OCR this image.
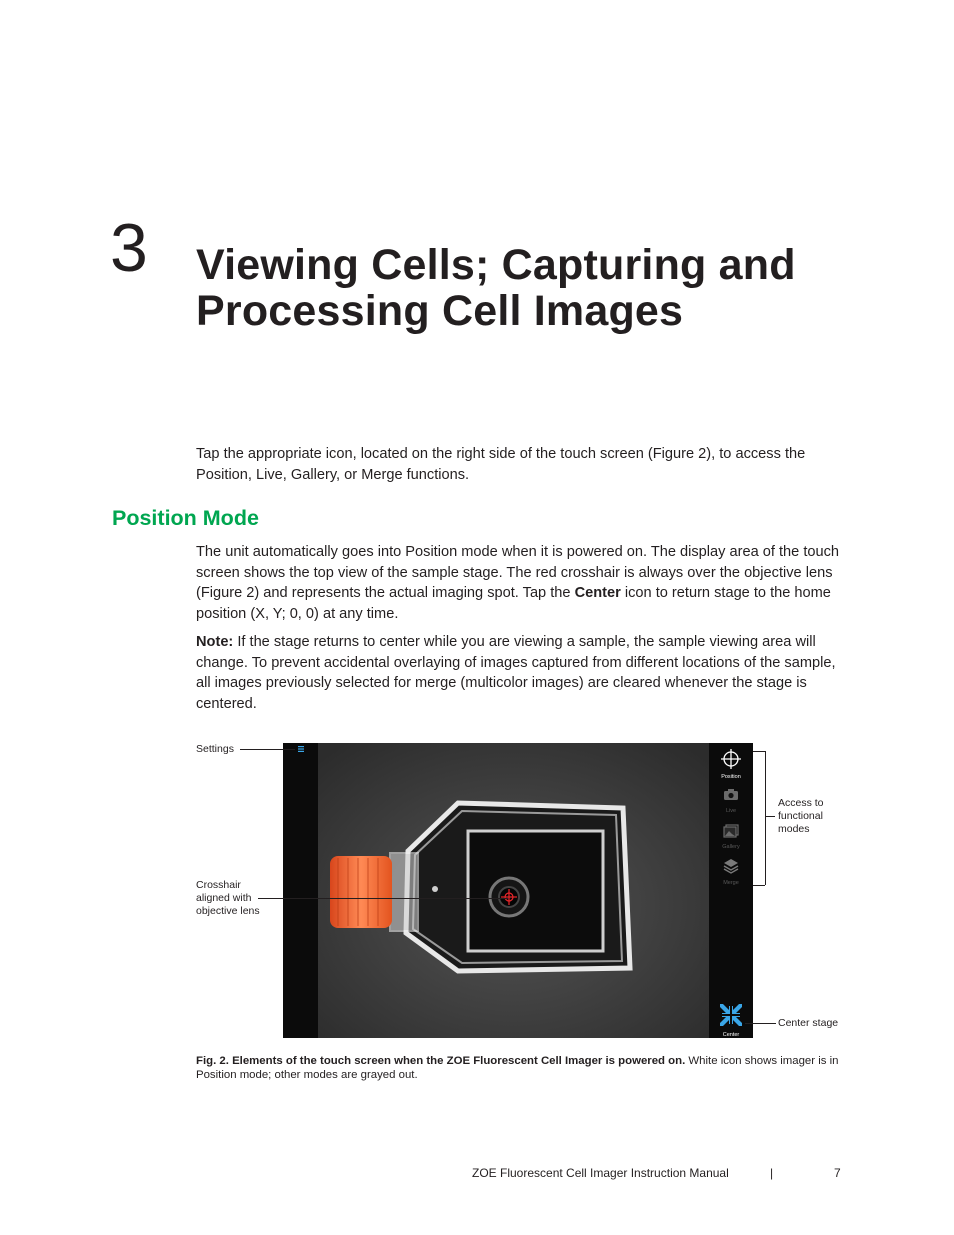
3 Viewing Cells; Capturing and
Processing Cell Images

Tap the appropriate icon, located on the right side of the touch screen (Figure 2), to access the Position, Live, Gallery, or Merge functions.

Position Mode

The unit automatically goes into Position mode when it is powered on. The display area of the touch screen shows the top view of the sample stage. The red crosshair is always over the objective lens (Figure 2) and represents the actual imaging spot. Tap the Center icon to return stage to the home position (X, Y; 0, 0) at any time.

Note: If the stage returns to center while you are viewing a sample, the sample viewing area will change. To prevent accidental overlaying of images captured from different locations of the sample, all images previously selected for merge (multicolor images) are cleared whenever the stage is centered.

Position
Live
Gallery
Merge
Center
Settings
Crosshair
aligned with
objective lens
Access to
functional
modes
Center stage
Fig. 2. Elements of the touch screen when the ZOE Fluorescent Cell Imager is powered on. White icon shows imager is in Position mode; other modes are grayed out.
ZOE Fluorescent Cell Imager Instruction Manual	|	7
